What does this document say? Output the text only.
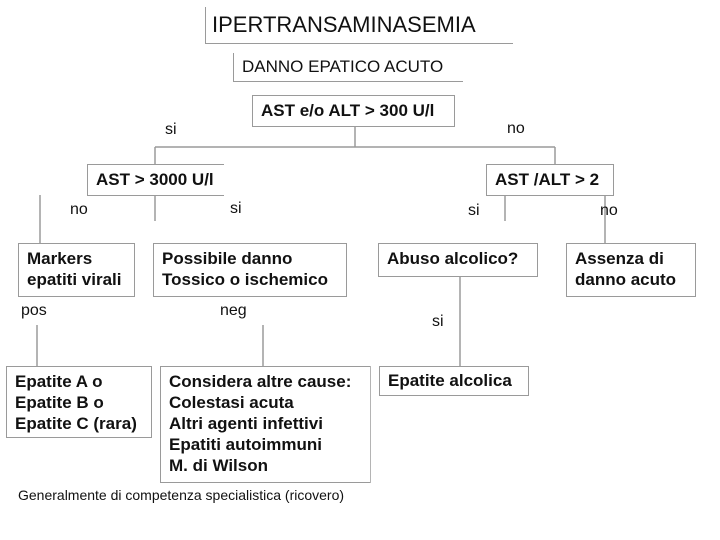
IPERTRANSAMINASEMIA
DANNO EPATICO ACUTO
AST e/o ALT > 300 U/l
si	no
AST > 3000 U/l	AST /ALT > 2
no	si	si	no
Markers
epatiti virali
Possibile danno
Tossico o ischemico
Abuso alcolico?	Assenza di
danno acuto
pos	neg
si
Epatite A o
Epatite B o
Epatite C (rara)
Considera altre cause:
Colestasi acuta
Altri agenti infettivi
Epatiti autoimmuni
M. di Wilson
Epatite alcolica
Generalmente di competenza specialistica (ricovero)
